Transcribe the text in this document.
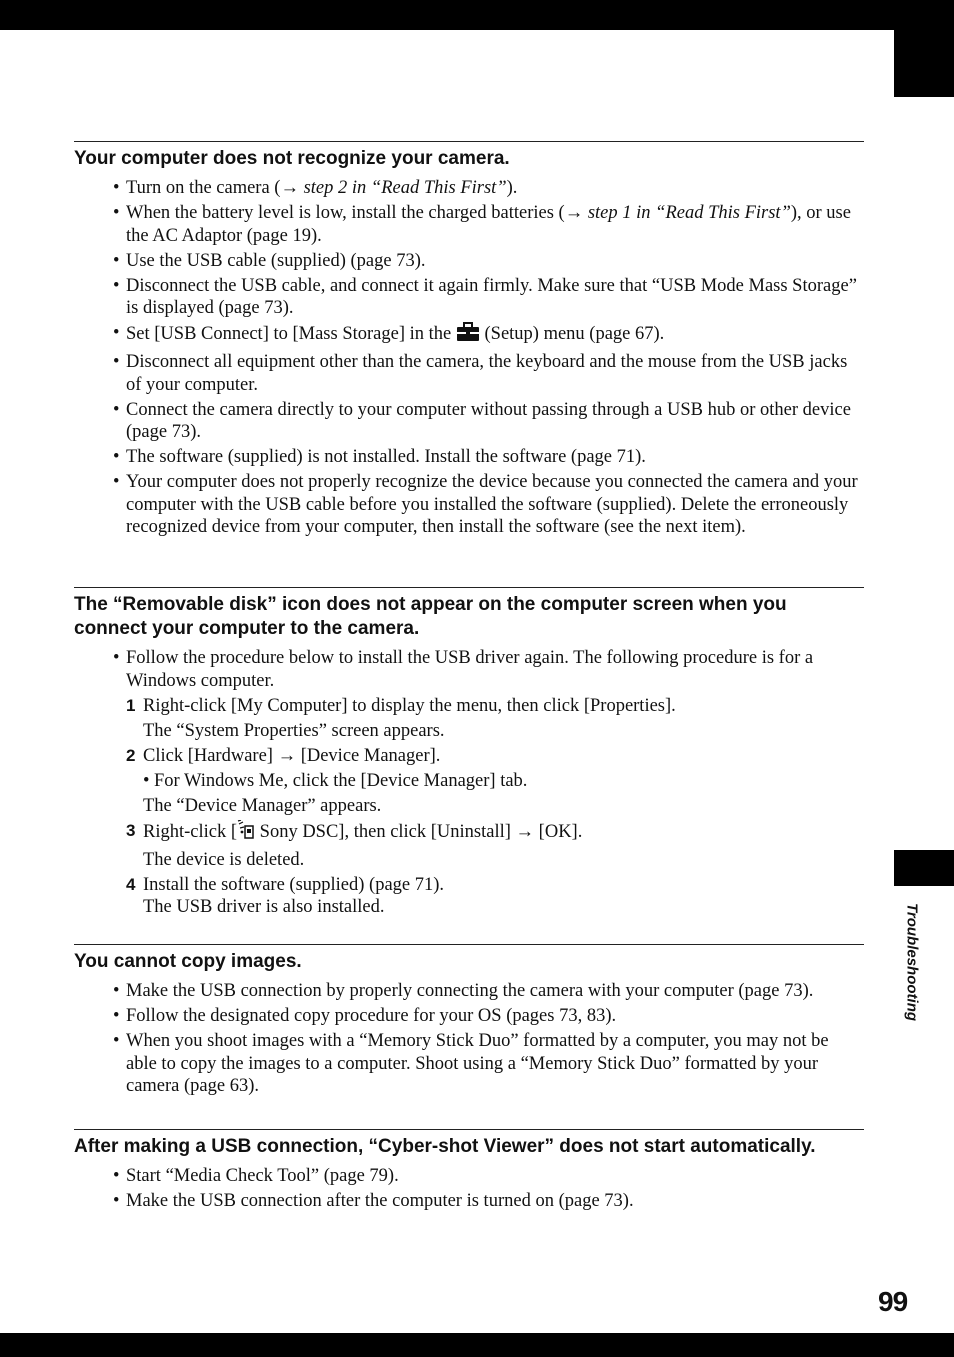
Troubleshooting
Your computer does not recognize your camera.
• Turn on the camera (→ step 2 in “Read This First”).
• When the battery level is low, install the charged batteries (→ step 1 in “Read This First”), or use the AC Adaptor (page 19).
• Use the USB cable (supplied) (page 73).
• Disconnect the USB cable, and connect it again firmly. Make sure that “USB Mode Mass Storage” is displayed (page 73).
• Set [USB Connect] to [Mass Storage] in the  (Setup) menu (page 67).
• Disconnect all equipment other than the camera, the keyboard and the mouse from the USB jacks of your computer.
• Connect the camera directly to your computer without passing through a USB hub or other device (page 73).
• The software (supplied) is not installed. Install the software (page 71).
• Your computer does not properly recognize the device because you connected the camera and your computer with the USB cable before you installed the software (supplied). Delete the erroneously recognized device from your computer, then install the software (see the next item).
The “Removable disk” icon does not appear on the computer screen when you connect your computer to the camera.
• Follow the procedure below to install the USB driver again. The following procedure is for a Windows computer.
1 Right-click [My Computer] to display the menu, then click [Properties].
The “System Properties” screen appears.
2 Click [Hardware] → [Device Manager].
• For Windows Me, click the [Device Manager] tab.
The “Device Manager” appears.
3 Right-click [ Sony DSC], then click [Uninstall] → [OK].
The device is deleted.
4 Install the software (supplied) (page 71).
The USB driver is also installed.
You cannot copy images.
• Make the USB connection by properly connecting the camera with your computer (page 73).
• Follow the designated copy procedure for your OS (pages 73, 83).
• When you shoot images with a “Memory Stick Duo” formatted by a computer, you may not be able to copy the images to a computer. Shoot using a “Memory Stick Duo” formatted by your camera (page 63).
After making a USB connection, “Cyber-shot Viewer” does not start automatically.
• Start “Media Check Tool” (page 79).
• Make the USB connection after the computer is turned on (page 73).
99
